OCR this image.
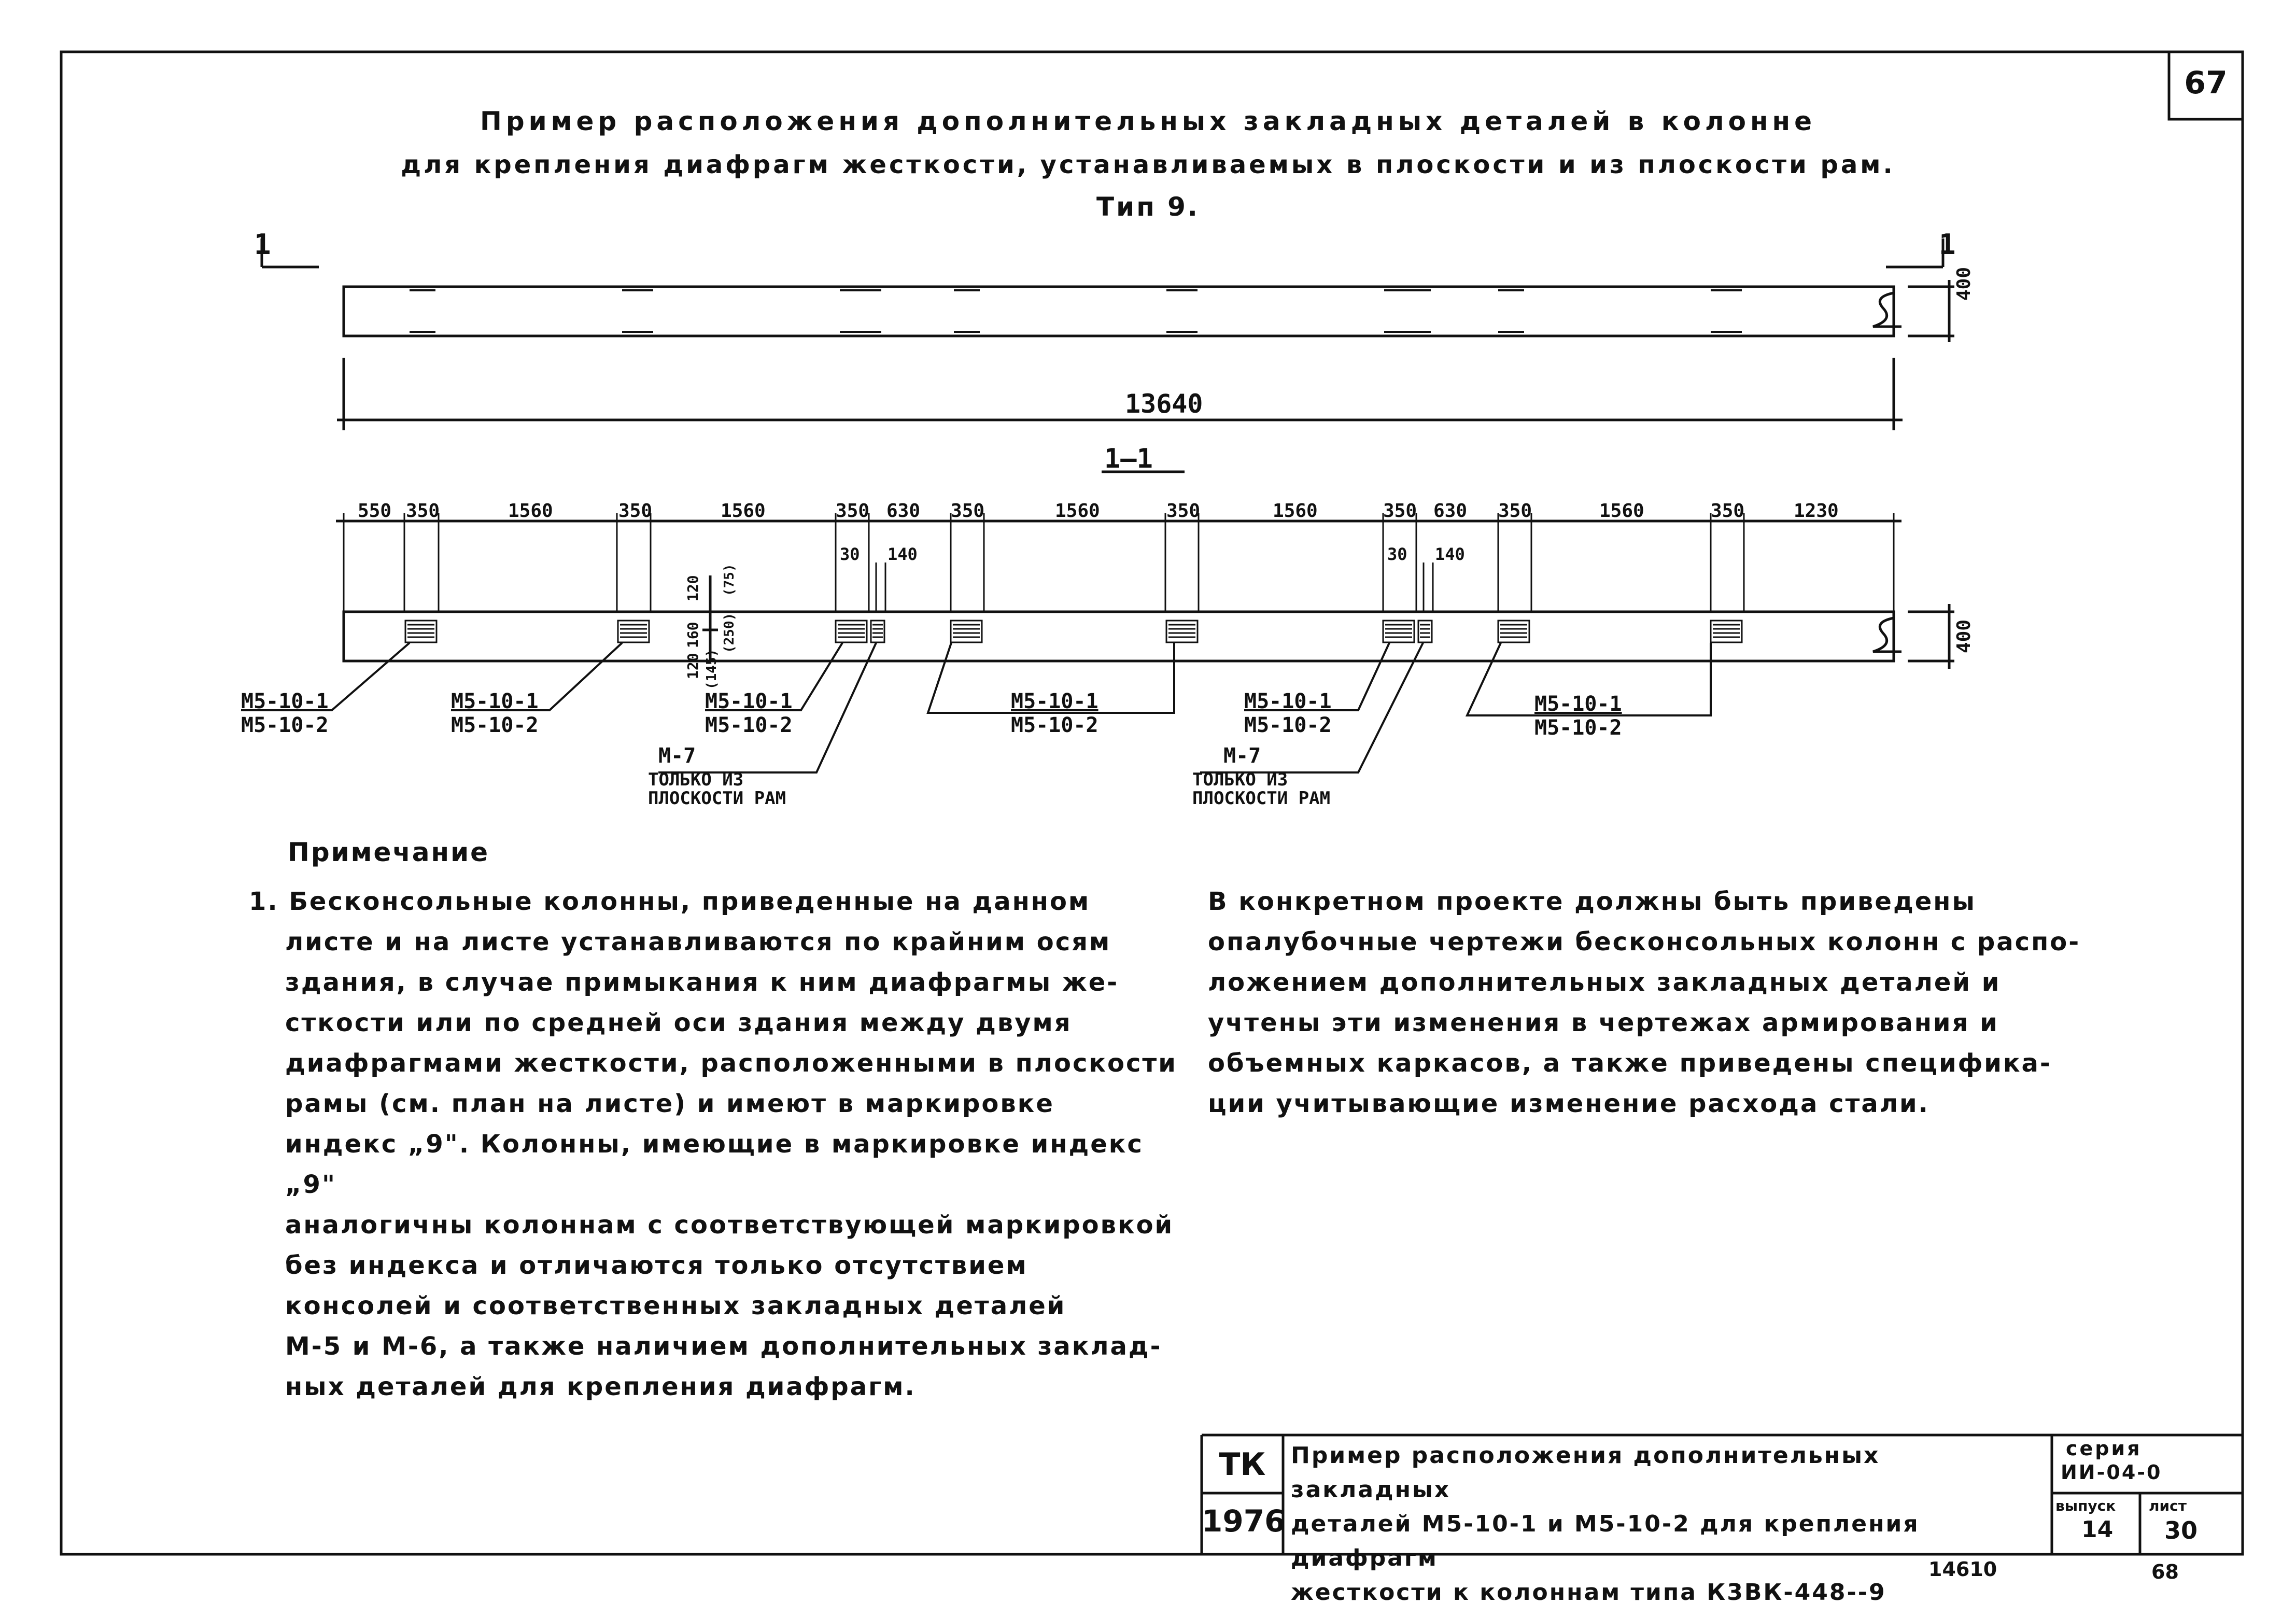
67
Пример расположения дополнительных закладных деталей в колонне
для крепления диафрагм жесткости, устанавливаемых в плоскости и из плоскости рам.
Тип 9.
1	1
400
13640
1—1
550 350	1560	350	1560	350 630 350	1560	350	1560	350 630 350	1560	350	1230
30 140	30 140
120
160
120
(145)
(250)
(75)
400
М5-10-1
М5-10-2
М5-10-1
М5-10-2
М5-10-1
М5-10-2
М5-10-1
М5-10-2
М5-10-1
М5-10-2
М5-10-1
М5-10-2
М-7
ТОЛЬКО ИЗ
ПЛОСКОСТИ РАМ
М-7
ТОЛЬКО ИЗ
ПЛОСКОСТИ РАМ
Примечание
1. Бесконсольные колонны, приведенные на данном
листе и на листе устанавливаются по крайним осям
здания, в случае примыкания к ним диафрагмы же-
сткости или по средней оси здания между двумя
диафрагмами жесткости, расположенными в плоскости
рамы (см. план на листе) и имеют в маркировке
индекс „9". Колонны, имеющие в маркировке индекс „9"
аналогичны колоннам с соответствующей маркировкой
без индекса и отличаются только отсутствием
консолей и соответственных закладных деталей
М-5 и М-6, а также наличием дополнительных заклад-
ных деталей для крепления диафрагм.
В конкретном проекте должны быть приведены
опалубочные чертежи бесконсольных колонн с распо-
ложением дополнительных закладных деталей и
учтены эти изменения в чертежах армирования и
объемных каркасов, а также приведены специфика-
ции учитывающие изменение расхода стали.
ТК
1976
Пример расположения дополнительных закладных
деталей М5-10-1 и М5-10-2 для крепления диафрагм
жесткости к колоннам типа К3ВК-448--9
серия
ИИ-04-0
выпуск
14
лист
30
14610	68
